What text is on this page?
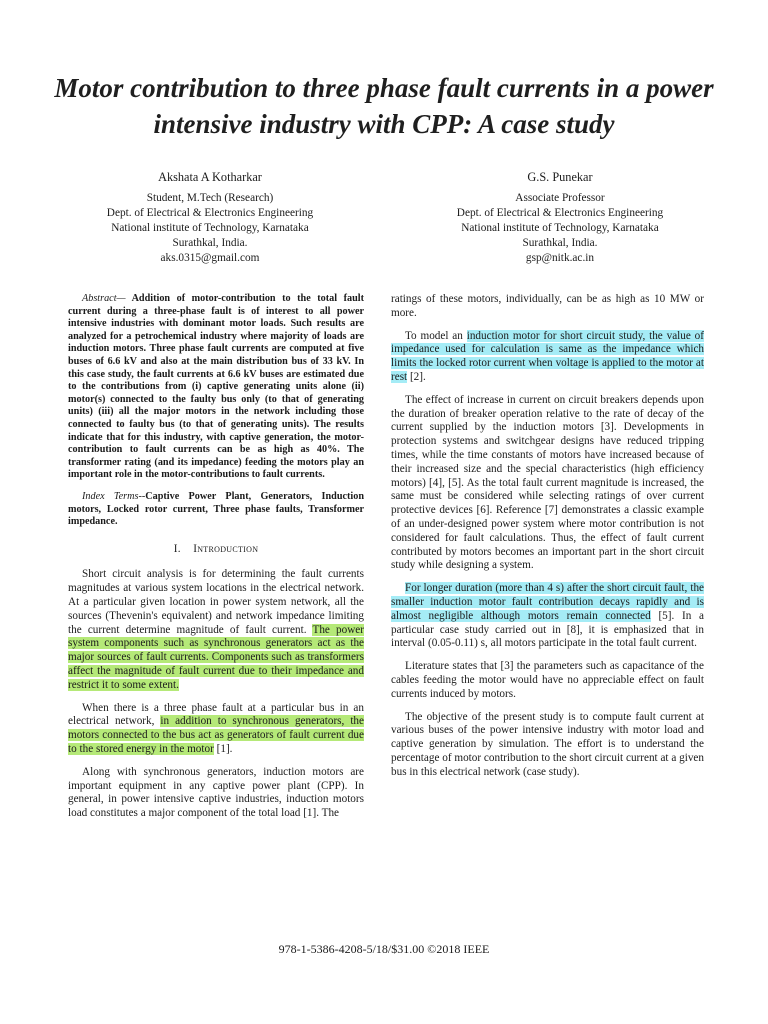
Motor contribution to three phase fault currents in a power intensive industry with CPP: A case study
Akshata A Kotharkar
Student, M.Tech (Research)
Dept. of Electrical & Electronics Engineering
National institute of Technology, Karnataka
Surathkal, India.
aks.0315@gmail.com
G.S. Punekar
Associate Professor
Dept. of Electrical & Electronics Engineering
National institute of Technology, Karnataka
Surathkal, India.
gsp@nitk.ac.in

Abstract— Addition of motor-contribution to the total fault current during a three-phase fault is of interest to all power intensive industries with dominant motor loads. Such results are analyzed for a petrochemical industry where majority of loads are induction motors. Three phase fault currents are computed at five buses of 6.6 kV and also at the main distribution bus of 33 kV. In this case study, the fault currents at 6.6 kV buses are estimated due to the contributions from (i) captive generating units alone (ii) motor(s) connected to the faulty bus only (to that of generating units) (iii) all the major motors in the network including those connected to faulty bus (to that of generating units). The results indicate that for this industry, with captive generation, the motor-contribution to fault currents can be as high as 40%. The transformer rating (and its impedance) feeding the motors play an important role in the motor-contributions to fault currents.

Index Terms--Captive Power Plant, Generators, Induction motors, Locked rotor current, Three phase faults, Transformer impedance.

I. Introduction

Short circuit analysis is for determining the fault currents magnitudes at various system locations in the electrical network. At a particular given location in power system network, all the sources (Thevenin's equivalent) and network impedance limiting the current determine magnitude of fault current. The power system components such as synchronous generators act as the major sources of fault currents. Components such as transformers affect the magnitude of fault current due to their impedance and restrict it to some extent.

When there is a three phase fault at a particular bus in an electrical network, in addition to synchronous generators, the motors connected to the bus act as generators of fault current due to the stored energy in the motor [1].

Along with synchronous generators, induction motors are important equipment in any captive power plant (CPP). In general, in power intensive captive industries, induction motors load constitutes a major component of the total load [1]. The

ratings of these motors, individually, can be as high as 10 MW or more.

To model an induction motor for short circuit study, the value of impedance used for calculation is same as the impedance which limits the locked rotor current when voltage is applied to the motor at rest [2].

The effect of increase in current on circuit breakers depends upon the duration of breaker operation relative to the rate of decay of the current supplied by the induction motors [3]. Developments in protection systems and switchgear designs have reduced tripping times, while the time constants of motors have increased because of their increased size and the special characteristics (high efficiency motors) [4], [5]. As the total fault current magnitude is increased, the same must be considered while selecting ratings of over current protective devices [6]. Reference [7] demonstrates a classic example of an under-designed power system where motor contribution is not considered for fault calculations. Thus, the effect of fault current contributed by motors becomes an important part in the short circuit study while designing a system.

For longer duration (more than 4 s) after the short circuit fault, the smaller induction motor fault contribution decays rapidly and is almost negligible although motors remain connected [5]. In a particular case study carried out in [8], it is emphasized that in interval (0.05-0.11) s, all motors participate in the total fault current.

Literature states that [3] the parameters such as capacitance of the cables feeding the motor would have no appreciable effect on fault currents induced by motors.

The objective of the present study is to compute fault current at various buses of the power intensive industry with motor load and captive generation by simulation. The effort is to understand the percentage of motor contribution to the short circuit current at a given bus in this electrical network (case study).

978-1-5386-4208-5/18/$31.00 ©2018 IEEE
